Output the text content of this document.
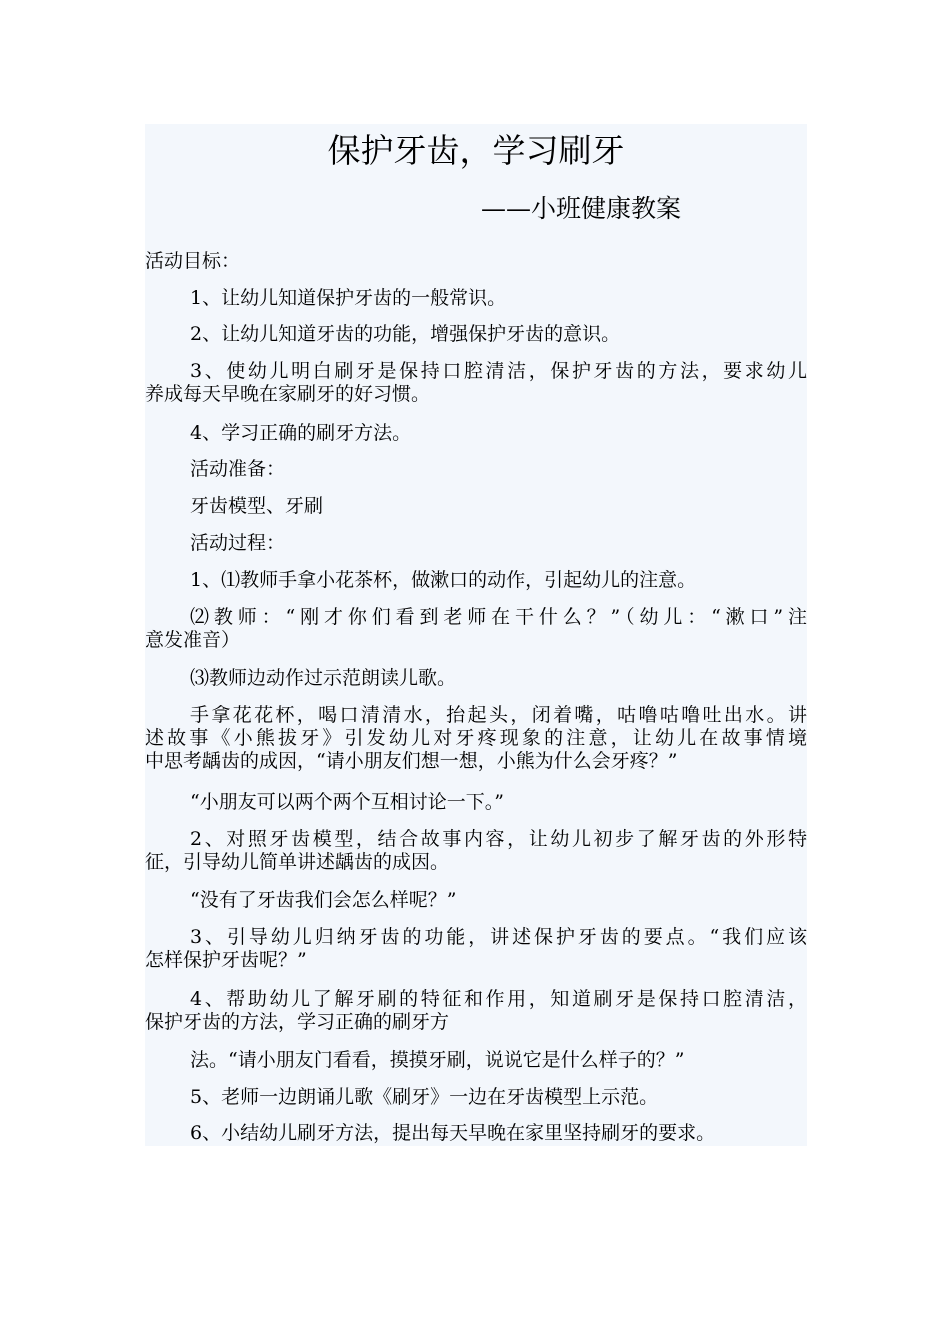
保护牙齿，学习刷牙
——小班健康教案

活动目标：

1、让幼儿知道保护牙齿的一般常识。

2、让幼儿知道牙齿的功能，增强保护牙齿的意识。

3、使幼儿明白刷牙是保持口腔清洁，保护牙齿的方法，要求幼儿
养成每天早晚在家刷牙的好习惯。

4、学习正确的刷牙方法。

活动准备：

牙齿模型、牙刷

活动过程：

1、⑴教师手拿小花茶杯，做漱口的动作，引起幼儿的注意。

⑵教师：“刚才你们看到老师在干什么？”（幼儿：“漱口”注
意发准音）

⑶教师边动作过示范朗读儿歌。

手拿花花杯，喝口清清水，抬起头，闭着嘴，咕噜咕噜吐出水。讲
述故事《小熊拔牙》引发幼儿对牙疼现象的注意，让幼儿在故事情境
中思考龋齿的成因，“请小朋友们想一想，小熊为什么会牙疼？”

“小朋友可以两个两个互相讨论一下。”

2、对照牙齿模型，结合故事内容，让幼儿初步了解牙齿的外形特
征，引导幼儿简单讲述龋齿的成因。

“没有了牙齿我们会怎么样呢？”

3、引导幼儿归纳牙齿的功能，讲述保护牙齿的要点。“我们应该
怎样保护牙齿呢？”

4、帮助幼儿了解牙刷的特征和作用，知道刷牙是保持口腔清洁，
保护牙齿的方法，学习正确的刷牙方

法。“请小朋友门看看，摸摸牙刷，说说它是什么样子的？”

5、老师一边朗诵儿歌《刷牙》一边在牙齿模型上示范。

6、小结幼儿刷牙方法，提出每天早晚在家里坚持刷牙的要求。
